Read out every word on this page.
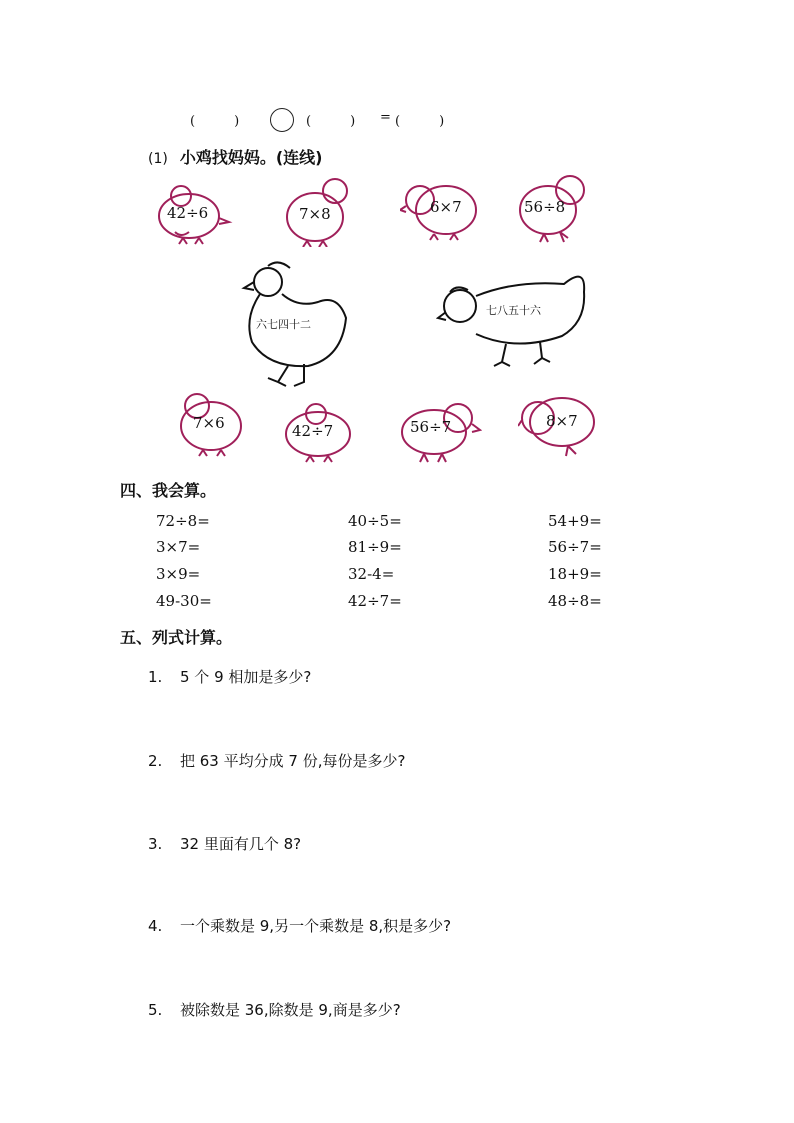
(　　　)	(　　　) = (　　　)
(1) 小鸡找妈妈。(连线)
42÷6	7×8	6×7	56÷8
六七四十二
七八五十六
7×6	42÷7	56÷7	8×7
四、我会算。
72÷8=	40÷5=	54+9=
3×7=	81÷9=	56÷7=
3×9=	32-4=	18+9=
49-30=	42÷7=	48÷8=
五、列式计算。
1. 5 个 9 相加是多少?
2. 把 63 平均分成 7 份,每份是多少?
3. 32 里面有几个 8?
4. 一个乘数是 9,另一个乘数是 8,积是多少?
5. 被除数是 36,除数是 9,商是多少?
